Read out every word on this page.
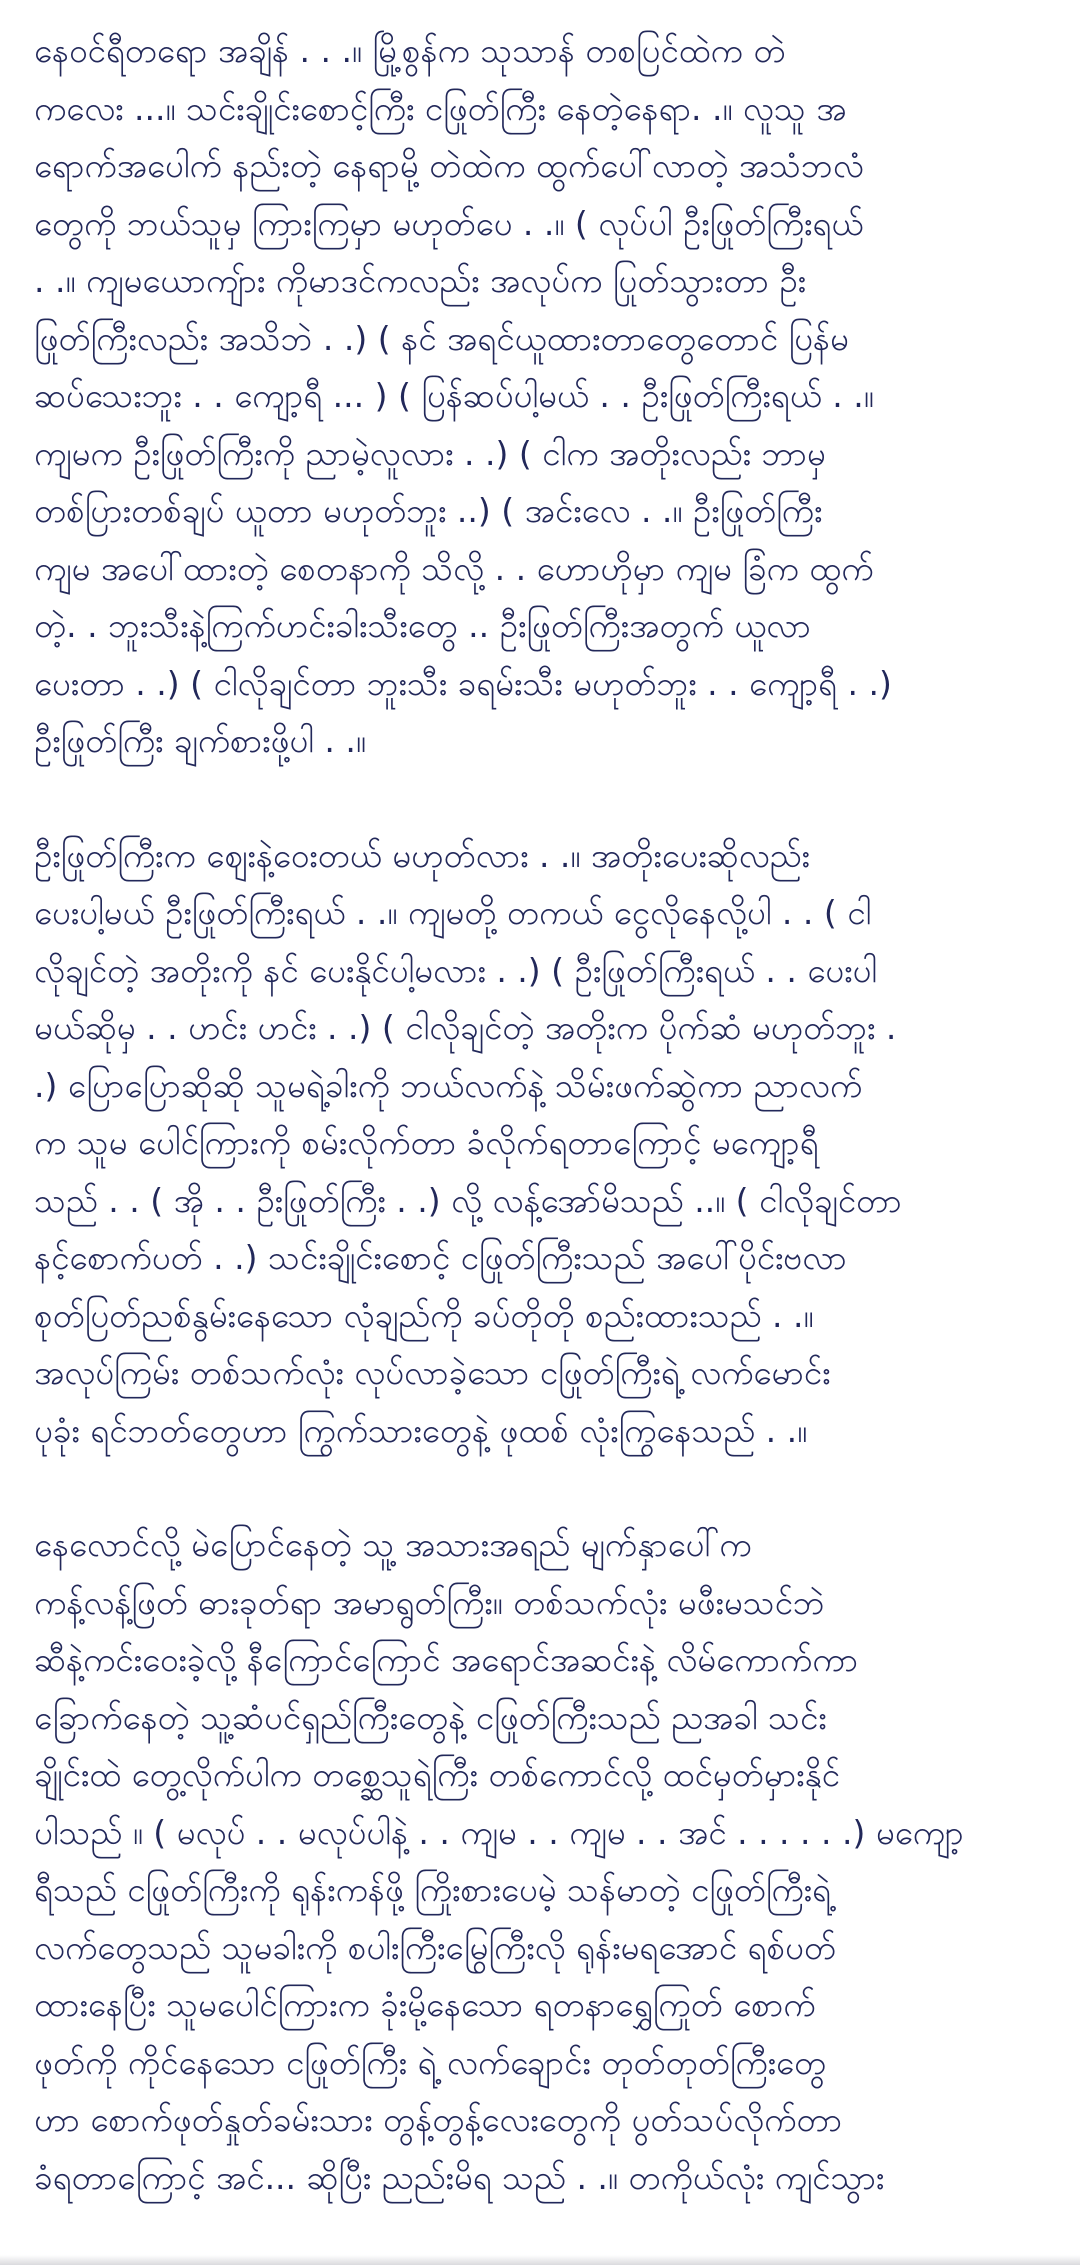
နေဝင်ရီတရော အချိန် . . .။ မြို့စွန်က သုသာန် တစပြင်ထဲက တဲ
ကလေး ...။ သင်းချိုင်းစောင့်ကြီး ငဖြုတ်ကြီး နေတဲ့နေရာ. .။ လူသူ အ
ရောက်အပေါက် နည်းတဲ့ နေရာမို့ တဲထဲက ထွက်ပေါ်လာတဲ့ အသံဘလံ
တွေကို ဘယ်သူမှ ကြားကြမှာ မဟုတ်ပေ . .။ ( လုပ်ပါ ဦးဖြုတ်ကြီးရယ်
. .။ ကျမယောကျ်ား ကိုမာဒင်ကလည်း အလုပ်က ပြုတ်သွားတာ ဦး
ဖြုတ်ကြီးလည်း အသိဘဲ . .) ( နင် အရင်ယူထားတာတွေတောင် ပြန်မ
ဆပ်သေးဘူး . . ကျော့ရီ ... ) ( ပြန်ဆပ်ပါ့မယ် . . ဦးဖြုတ်ကြီးရယ် . .။
ကျမက ဦးဖြုတ်ကြီးကို ညာမဲ့လူလား . .) ( ငါက အတိုးလည်း ဘာမှ
တစ်ပြားတစ်ချပ် ယူတာ မဟုတ်ဘူး ..) ( အင်းလေ . .။ ဦးဖြုတ်ကြီး
ကျမ အပေါ်ထားတဲ့ စေတနာကို သိလို့ . . ဟောဟိုမှာ ကျမ ခြံက ထွက်
တဲ့. . ဘူးသီးနဲ့ကြက်ဟင်းခါးသီးတွေ .. ဦးဖြုတ်ကြီးအတွက် ယူလာ
ပေးတာ . .) ( ငါလိုချင်တာ ဘူးသီး ခရမ်းသီး မဟုတ်ဘူး . . ကျော့ရီ . .)
ဦးဖြုတ်ကြီး ချက်စားဖို့ပါ . .။
ဦးဖြုတ်ကြီးက ဈေးနဲ့ဝေးတယ် မဟုတ်လား . .။ အတိုးပေးဆိုလည်း
ပေးပါ့မယ် ဦးဖြုတ်ကြီးရယ် . .။ ကျမတို့ တကယ် ငွေလိုနေလို့ပါ . . ( ငါ
လိုချင်တဲ့ အတိုးကို နင် ပေးနိုင်ပါ့မလား . .) ( ဦးဖြုတ်ကြီးရယ် . . ပေးပါ
မယ်ဆိုမှ . . ဟင်း ဟင်း . .) ( ငါလိုချင်တဲ့ အတိုးက ပိုက်ဆံ မဟုတ်ဘူး .
.) ပြောပြောဆိုဆို သူမရဲ့ခါးကို ဘယ်လက်နဲ့ သိမ်းဖက်ဆွဲကာ ညာလက်
က သူမ ပေါင်ကြားကို စမ်းလိုက်တာ ခံလိုက်ရတာကြောင့် မကျော့ရီ
သည် . . ( အို . . ဦးဖြုတ်ကြီး . .) လို့ လန့်အော်မိသည် ..။ ( ငါလိုချင်တာ
နင့်စောက်ပတ် . .) သင်းချိုင်းစောင့် ငဖြုတ်ကြီးသည် အပေါ်ပိုင်းဗလာ
စုတ်ပြတ်ညစ်နွမ်းနေသော လုံချည်ကို ခပ်တိုတို စည်းထားသည် . .။
အလုပ်ကြမ်း တစ်သက်လုံး လုပ်လာခဲ့သော ငဖြုတ်ကြီးရဲ့ လက်မောင်း
ပုခုံး ရင်ဘတ်တွေဟာ ကြွက်သားတွေနဲ့ ဖုထစ် လုံးကြွနေသည် . .။
နေလောင်လို့ မဲပြောင်နေတဲ့ သူ့ အသားအရည် မျက်နှာပေါ်က
ကန့်လန့်ဖြတ် ဓားခုတ်ရာ အမာရွတ်ကြီး။ တစ်သက်လုံး မဖီးမသင်ဘဲ
ဆီနဲ့ကင်းဝေးခဲ့လို့ နီကြောင်ကြောင် အရောင်အဆင်းနဲ့ လိမ်ကောက်ကာ
ခြောက်နေတဲ့ သူ့ဆံပင်ရှည်ကြီးတွေနဲ့ ငဖြုတ်ကြီးသည် ညအခါ သင်း
ချိုင်းထဲ တွေ့လိုက်ပါက တစ္ဆေသူရဲကြီး တစ်ကောင်လို့ ထင်မှတ်မှားနိုင်
ပါသည် ။ ( မလုပ် . . မလုပ်ပါနဲ့ . . ကျမ . . ကျမ . . အင် . . . . . .) မကျော့
ရီသည် ငဖြုတ်ကြီးကို ရုန်းကန်ဖို့ ကြိုးစားပေမဲ့ သန်မာတဲ့ ငဖြုတ်ကြီးရဲ့
လက်တွေသည် သူမခါးကို စပါးကြီးမြွေကြီးလို ရုန်းမရအောင် ရစ်ပတ်
ထားနေပြီး သူမပေါင်ကြားက ခုံးမို့နေသော ရတနာရွှေကြုတ် စောက်
ဖုတ်ကို ကိုင်နေသော ငဖြုတ်ကြီး ရဲ့ လက်ချောင်း တုတ်တုတ်ကြီးတွေ
ဟာ စောက်ဖုတ်နှုတ်ခမ်းသား တွန့်တွန့်လေးတွေကို ပွတ်သပ်လိုက်တာ
ခံရတာကြောင့် အင်... ဆိုပြီး ညည်းမိရ သည် . .။ တကိုယ်လုံး ကျင်သွား
